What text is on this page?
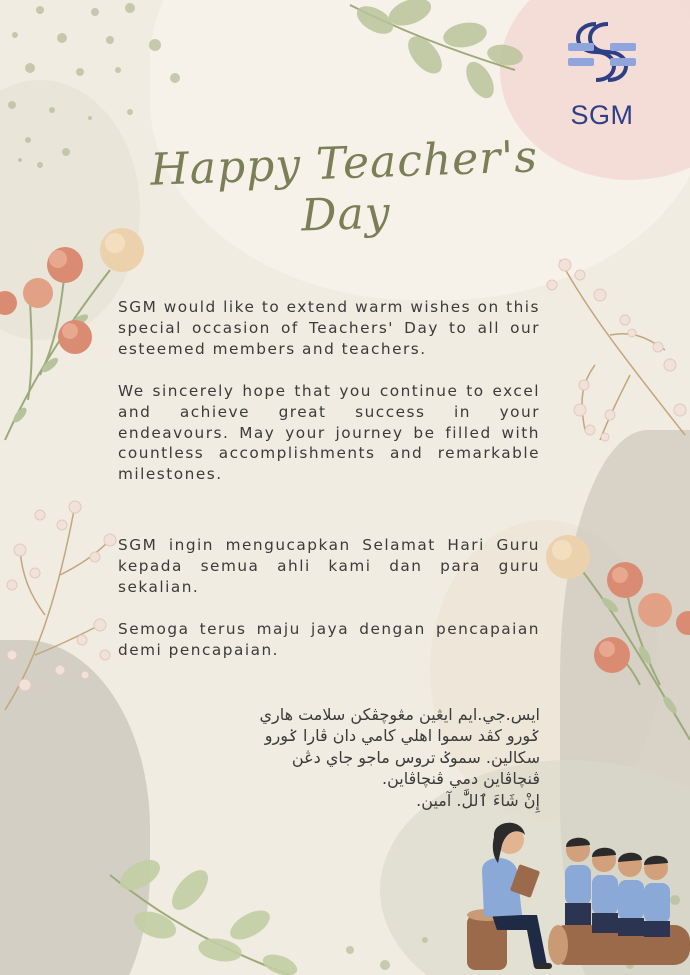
SGM
Happy Teacher's Day

SGM would like to extend warm wishes on this special occasion of Teachers' Day to all our esteemed members and teachers.

We sincerely hope that you continue to excel and achieve great success in your endeavours. May your journey be filled with countless accomplishments and remarkable milestones.

SGM ingin mengucapkan Selamat Hari Guru kepada semua ahli kami dan para guru sekalian.

Semoga terus maju jaya dengan pencapaian demi pencapaian.

ايس.جي.ايم ايڠين مڠوچڤكن سلامت هاري
ݢورو كڤد سموا اهلي كامي دان ڤارا ݢورو
سكالين. سموݢ تروس ماجو جاي دڠن
ڤنچاڤاين دمي ڤنچاڤاين.
إِنْ شَاءَ ٱللَّٰ. آمين.
